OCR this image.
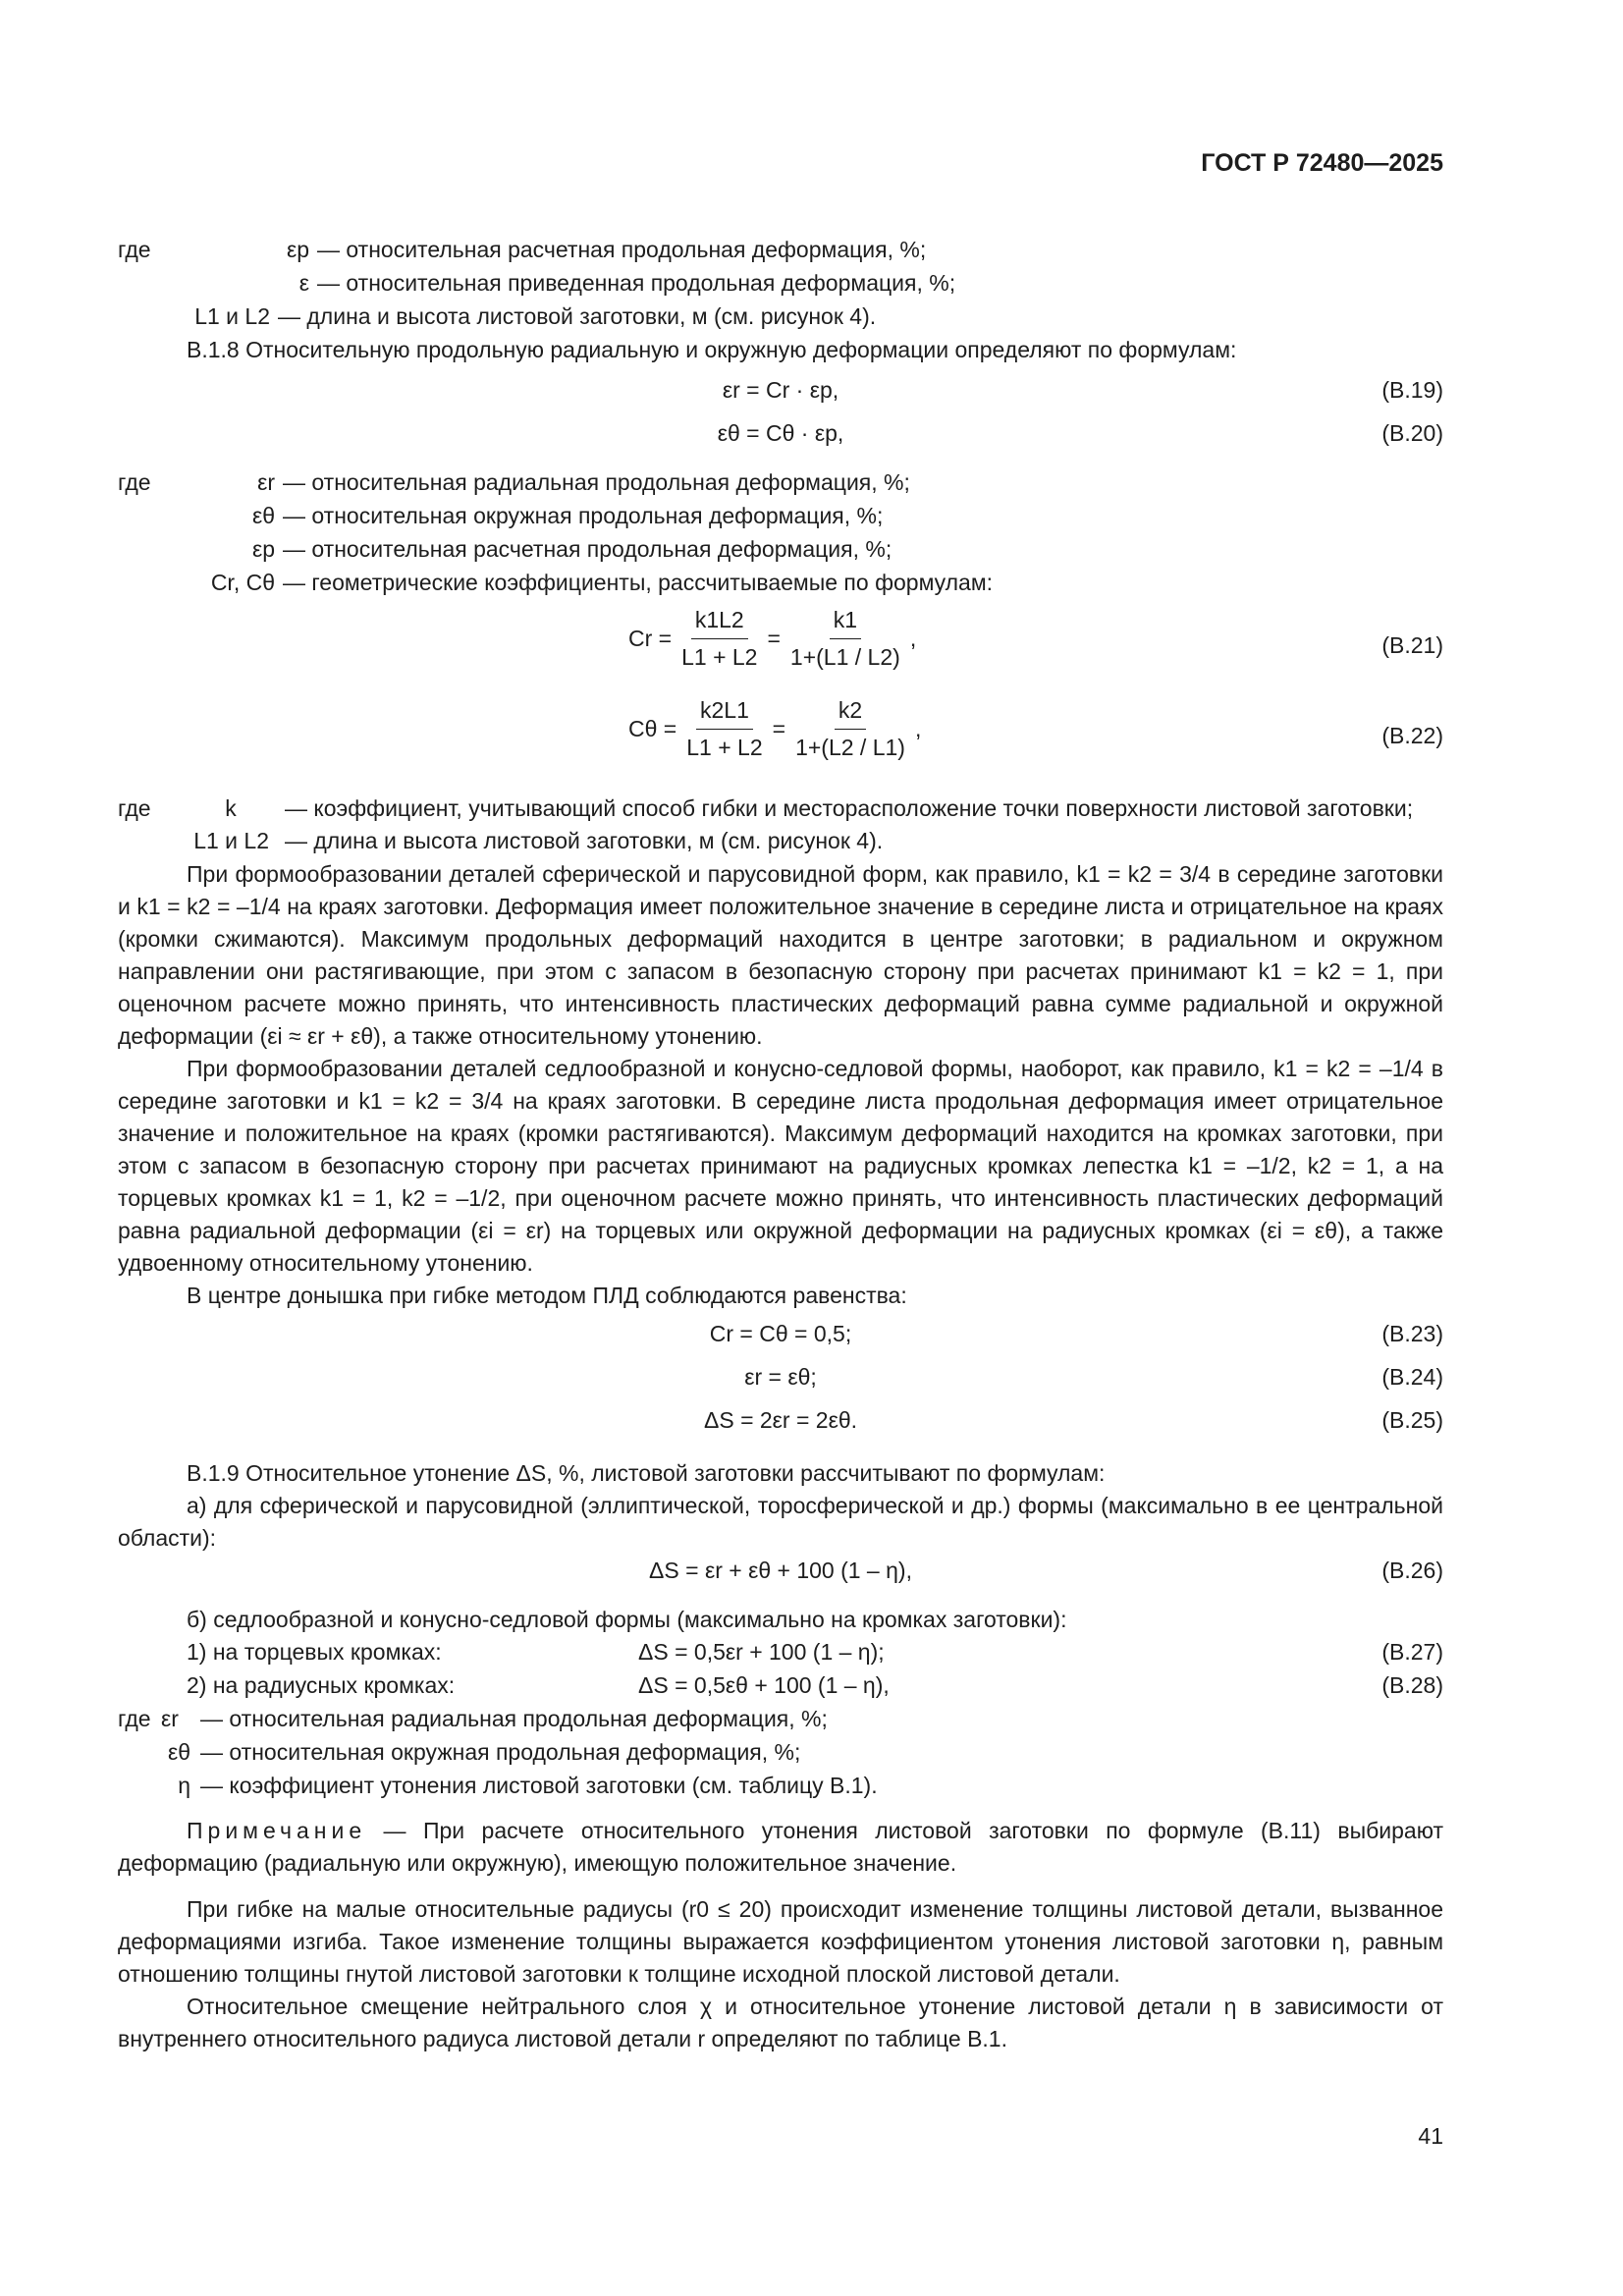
ГОСТ Р 72480—2025
где	εp — относительная расчетная продольная деформация, %;
ε — относительная приведенная продольная деформация, %;
L1 и L2 — длина и высота листовой заготовки, м (см. рисунок 4).

В.1.8 Относительную продольную радиальную и окружную деформации определяют по формулам:

εr = Cr · εp,	(В.19)
εθ = Cθ · εp,	(В.20)
где	εr — относительная радиальная продольная деформация, %;
εθ — относительная окружная продольная деформация, %;
εp — относительная расчетная продольная деформация, %;
Cr, Cθ — геометрические коэффициенты, рассчитываемые по формулам:
$Cr = \frac{k1L2}{L1 + L2} = \frac{k1}{1+(L1 / L2)}$ ,	(В.21)
$C\theta = \frac{k2L1}{L1 + L2} = \frac{k2}{1+(L2 / L1)}$ ,	(В.22)
где	k	— коэффициент, учитывающий способ гибки и месторасположение точки поверхности листовой заготовки;
L1 и L2 — длина и высота листовой заготовки, м (см. рисунок 4).

При формообразовании деталей сферической и парусовидной форм, как правило, k1 = k2 = 3/4 в середине заготовки и k1 = k2 = –1/4 на краях заготовки. Деформация имеет положительное значение в середине листа и отрицательное на краях (кромки сжимаются). Максимум продольных деформаций находится в центре заготовки; в радиальном и окружном направлении они растягивающие, при этом с запасом в безопасную сторону при расчетах принимают k1 = k2 = 1, при оценочном расчете можно принять, что интенсивность пластических деформаций равна сумме радиальной и окружной деформации (εi ≈ εr + εθ), а также относительному утонению.

При формообразовании деталей седлообразной и конусно-седловой формы, наоборот, как правило, k1 = k2 = –1/4 в середине заготовки и k1 = k2 = 3/4 на краях заготовки. В середине листа продольная деформация имеет отрицательное значение и положительное на краях (кромки растягиваются). Максимум деформаций находится на кромках заготовки, при этом с запасом в безопасную сторону при расчетах принимают на радиусных кромках лепестка k1 = –1/2, k2 = 1, а на торцевых кромках k1 = 1, k2 = –1/2, при оценочном расчете можно принять, что интенсивность пластических деформаций равна радиальной деформации (εi = εr) на торцевых или окружной деформации на радиусных кромках (εi = εθ), а также удвоенному относительному утонению.

В центре донышка при гибке методом ПЛД соблюдаются равенства:

Cr = Cθ = 0,5;	(В.23)
εr = εθ;	(В.24)
ΔS = 2εr = 2εθ.	(В.25)

В.1.9 Относительное утонение ΔS, %, листовой заготовки рассчитывают по формулам:

а) для сферической и парусовидной (эллиптической, торосферической и др.) формы (максимально в ее центральной области):

ΔS = εr + εθ + 100 (1 – η),	(В.26)

б) седлообразной и конусно-седловой формы (максимально на кромках заготовки):

1) на торцевых кромках:	ΔS = 0,5εr + 100 (1 – η);	(В.27)
2) на радиусных кромках:	ΔS = 0,5εθ + 100 (1 – η),	(В.28)
где εr — относительная радиальная продольная деформация, %;
εθ — относительная окружная продольная деформация, %;
η — коэффициент утонения листовой заготовки (см. таблицу В.1).

Примечание — При расчете относительного утонения листовой заготовки по формуле (В.11) выбирают деформацию (радиальную или окружную), имеющую положительное значение.

При гибке на малые относительные радиусы (r0 ≤ 20) происходит изменение толщины листовой детали, вызванное деформациями изгиба. Такое изменение толщины выражается коэффициентом утонения листовой заготовки η, равным отношению толщины гнутой листовой заготовки к толщине исходной плоской листовой детали.

Относительное смещение нейтрального слоя χ и относительное утонение листовой детали η в зависимости от внутреннего относительного радиуса листовой детали r определяют по таблице В.1.

41
